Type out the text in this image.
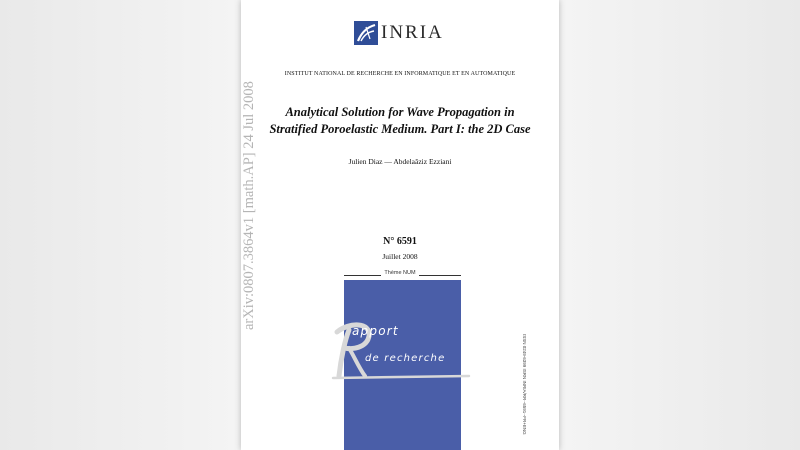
INRIA
INSTITUT NATIONAL DE RECHERCHE EN INFORMATIQUE ET EN AUTOMATIQUE
Analytical Solution for Wave Propagation in
Stratified Poroelastic Medium. Part I: the 2D Case
Julien Diaz — Abdelaâziz Ezziani
N° 6591
Juillet 2008
Thème NUM
apport
de recherche	ISSN 0249-6399 ISRN INRIA/RR--6591--FR+ENG
arXiv:0807.3864v1 [math.AP] 24 Jul 2008
